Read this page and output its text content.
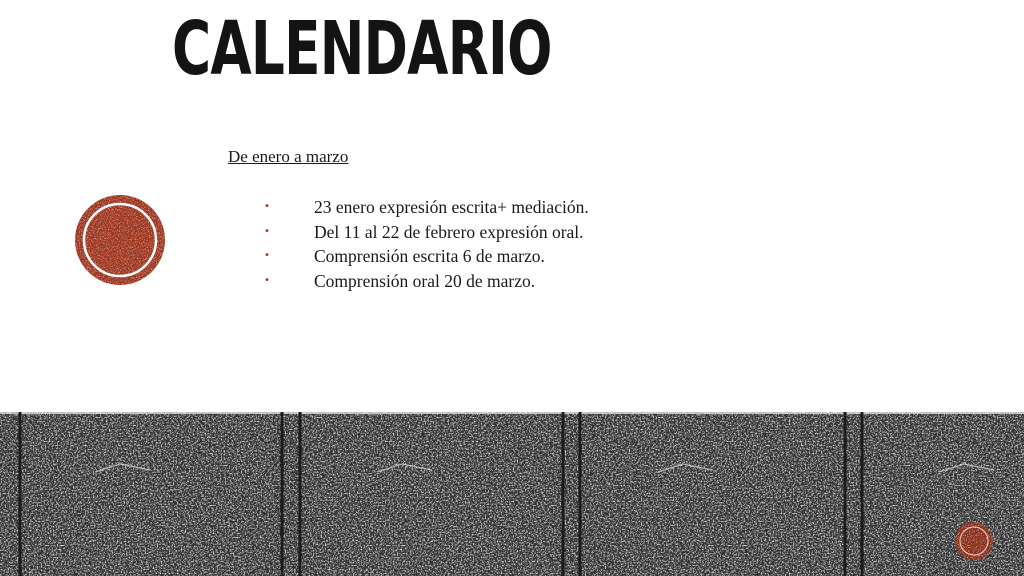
CALENDARIO
De enero a marzo
•	23 enero expresión escrita+ mediación.
•	Del 11 al 22 de febrero expresión oral.
•	Comprensión escrita 6 de marzo.
•	Comprensión oral 20 de marzo.
